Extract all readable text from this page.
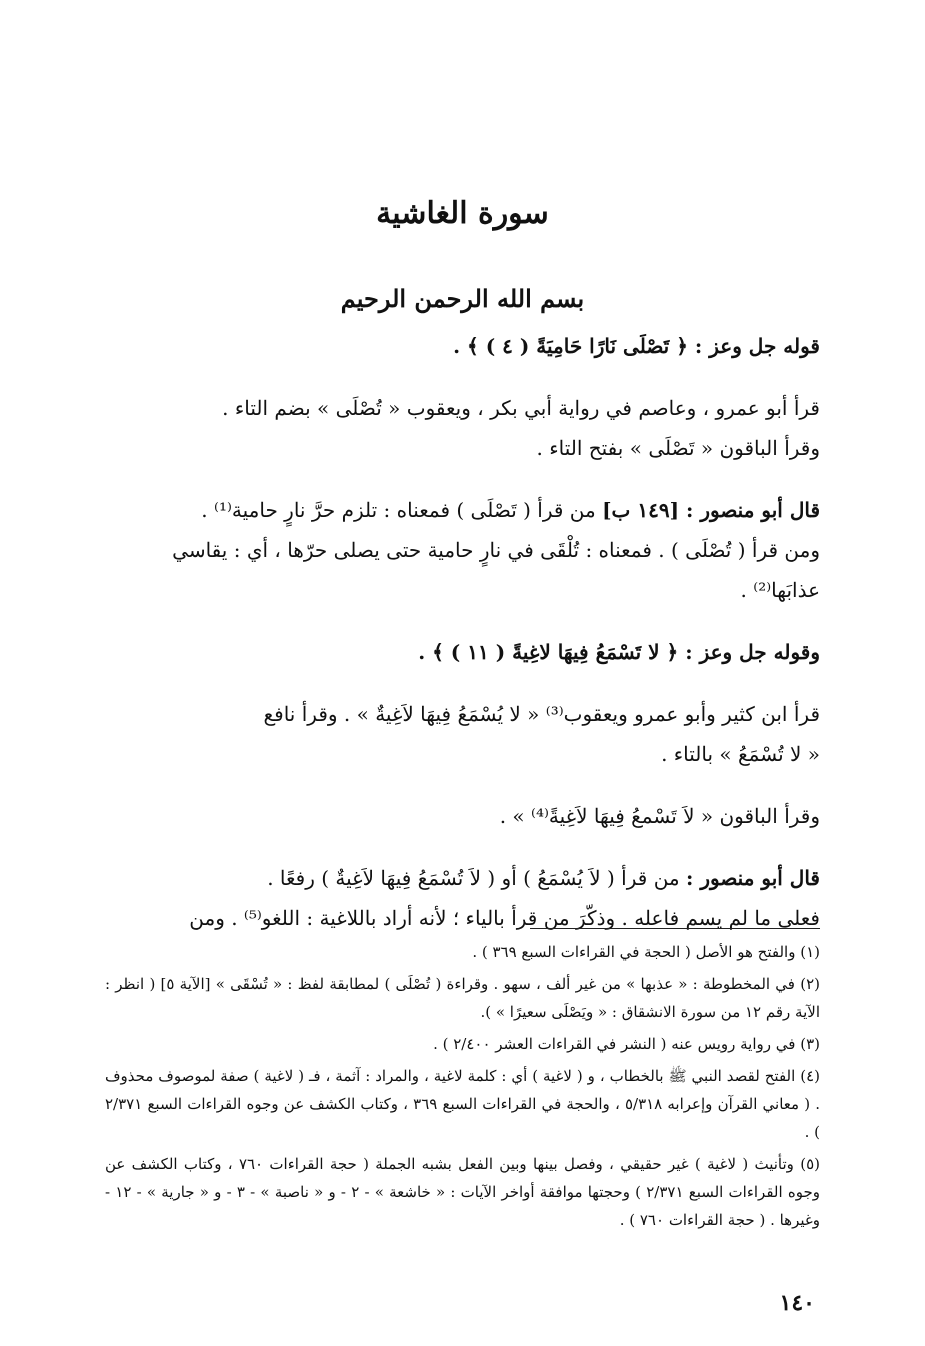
سورة الغاشية
بسم الله الرحمن الرحيم

قوله جل وعز : ﴿ تَصْلَى نَارًا حَامِيَةً ( ٤ ) ﴾ .

قرأ أبو عمرو ، وعاصم في رواية أبي بكر ، ويعقوب « تُصْلَى » بضم التاء .

وقرأ الباقون « تَصْلَى » بفتح التاء .

قال أبو منصور : [١٤٩ ب] من قرأ ( تَصْلَى ) فمعناه : تلزم حرَّ نارٍ حامية⁽¹⁾ .

ومن قرأ ( تُصْلَى ) . فمعناه : تُلْقَى في نارٍ حامية حتى يصلى حرّها ، أي : يقاسي

عذابَها⁽²⁾ .

وقوله جل وعز : ﴿ لا تَسْمَعُ فِيهَا لاغِيةً ( ١١ ) ﴾ .

قرأ ابن كثير وأبو عمرو ويعقوب⁽³⁾ « لا يُسْمَعُ فِيهَا لاَغِيةٌ » . وقرأ نافع

« لا تُسْمَعُ » بالتاء .

وقرأ الباقون « لاَ تَسْمعُ فِيهَا لاَغِيةً⁽⁴⁾ » .

قال أبو منصور : من قرأ ( لاَ يُسْمَعُ ) أو ( لاَ تُسْمَعُ فِيهَا لاَغِيةٌ ) رفعًا .

فعلى ما لم يسم فاعله . وذكّرَ من قرأ بالياء ؛ لأنه أراد باللاغية : اللغو⁽⁵⁾ . ومن

(١) والفتح هو الأصل ( الحجة في القراءات السبع ٣٦٩ ) .

(٢) في المخطوطة : « عذبها » من غير ألف ، سهو . وقراءة ( تُصْلَى ) لمطابقة لفظ : « تُسْقَى » [الآية ٥] ( انظر : الآية رقم ١٢ من سورة الانشقاق : « ويَصْلَى سعيرًا » ).

(٣) في رواية رويس عنه ( النشر في القراءات العشر ٢/٤٠٠ ) .

(٤) الفتح لقصد النبي ﷺ بالخطاب ، و ( لاغية ) أي : كلمة لاغية ، والمراد : آثمة ، فـ ( لاغية ) صفة لموصوف محذوف . ( معاني القرآن وإعرابه ٥/٣١٨ ، والحجة في القراءات السبع ٣٦٩ ، وكتاب الكشف عن وجوه القراءات السبع ٢/٣٧١ ) .

(٥) وتأنيث ( لاغية ) غير حقيقي ، وفصل بينها وبين الفعل بشبه الجملة ( حجة القراءات ٧٦٠ ، وكتاب الكشف عن وجوه القراءات السبع ٢/٣٧١ ) وحجتها موافقة أواخر الآيات : « خاشعة » - ٢ - و « ناصبة » - ٣ - و « جارية » - ١٢ - وغيرها . ( حجة القراءات ٧٦٠ ) .

١٤٠
